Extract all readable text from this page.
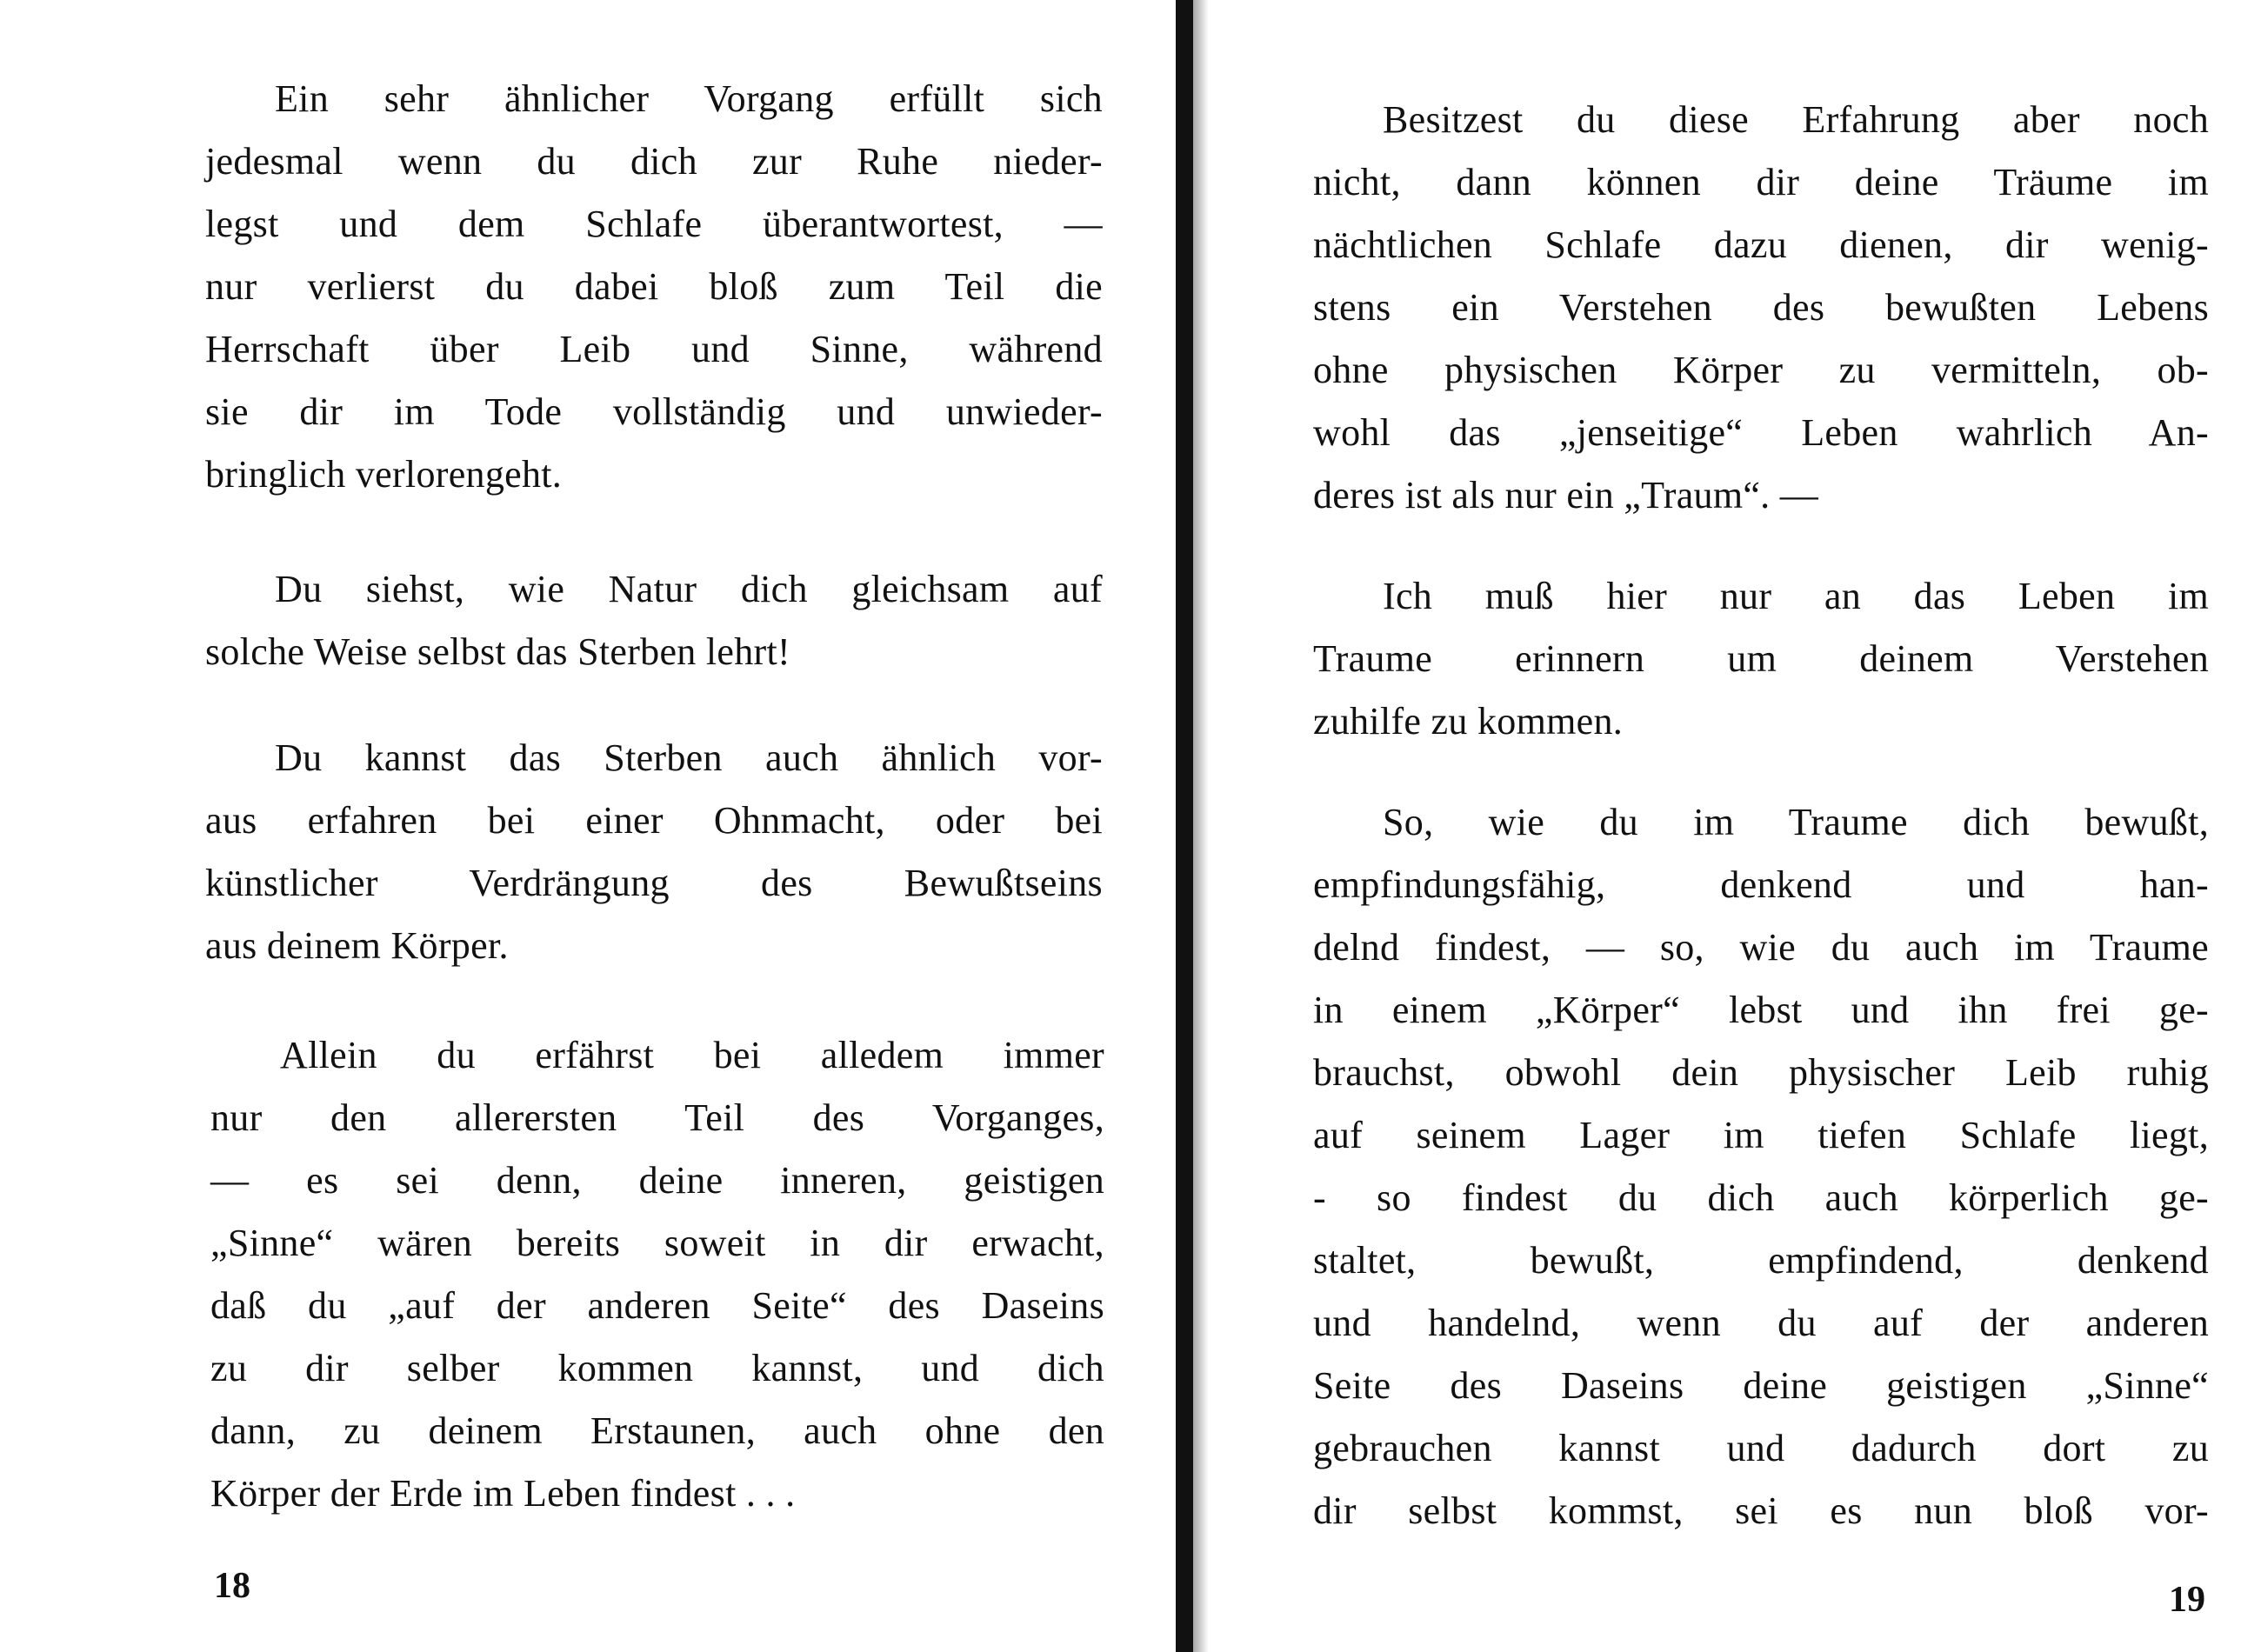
Ein sehr ähnlicher Vorgang erfüllt sich
jedesmal wenn du dich zur Ruhe nieder-
legst und dem Schlafe überantwortest, —
nur verlierst du dabei bloß zum Teil die
Herrschaft über Leib und Sinne, während
sie dir im Tode vollständig und unwieder-
bringlich verlorengeht.
Du siehst, wie Natur dich gleichsam auf
solche Weise selbst das Sterben lehrt!
Du kannst das Sterben auch ähnlich vor-
aus erfahren bei einer Ohnmacht, oder bei
künstlicher Verdrängung des Bewußtseins
aus deinem Körper.
Allein du erfährst bei alledem immer
nur den allerersten Teil des Vorganges,
— es sei denn, deine inneren, geistigen
„Sinne“ wären bereits soweit in dir erwacht,
daß du „auf der anderen Seite“ des Daseins
zu dir selber kommen kannst, und dich
dann, zu deinem Erstaunen, auch ohne den
Körper der Erde im Leben findest . . .
18
Besitzest du diese Erfahrung aber noch
nicht, dann können dir deine Träume im
nächtlichen Schlafe dazu dienen, dir wenig-
stens ein Verstehen des bewußten Lebens
ohne physischen Körper zu vermitteln, ob-
wohl das „jenseitige“ Leben wahrlich An-
deres ist als nur ein „Traum“. —
Ich muß hier nur an das Leben im
Traume erinnern um deinem Verstehen
zuhilfe zu kommen.
So, wie du im Traume dich bewußt,
empfindungsfähig, denkend und han-
delnd findest, — so, wie du auch im Traume
in einem „Körper“ lebst und ihn frei ge-
brauchst, obwohl dein physischer Leib ruhig
auf seinem Lager im tiefen Schlafe liegt,
- so findest du dich auch körperlich ge-
staltet, bewußt, empfindend, denkend
und handelnd, wenn du auf der anderen
Seite des Daseins deine geistigen „Sinne“
gebrauchen kannst und dadurch dort zu
dir selbst kommst, sei es nun bloß vor-
19
